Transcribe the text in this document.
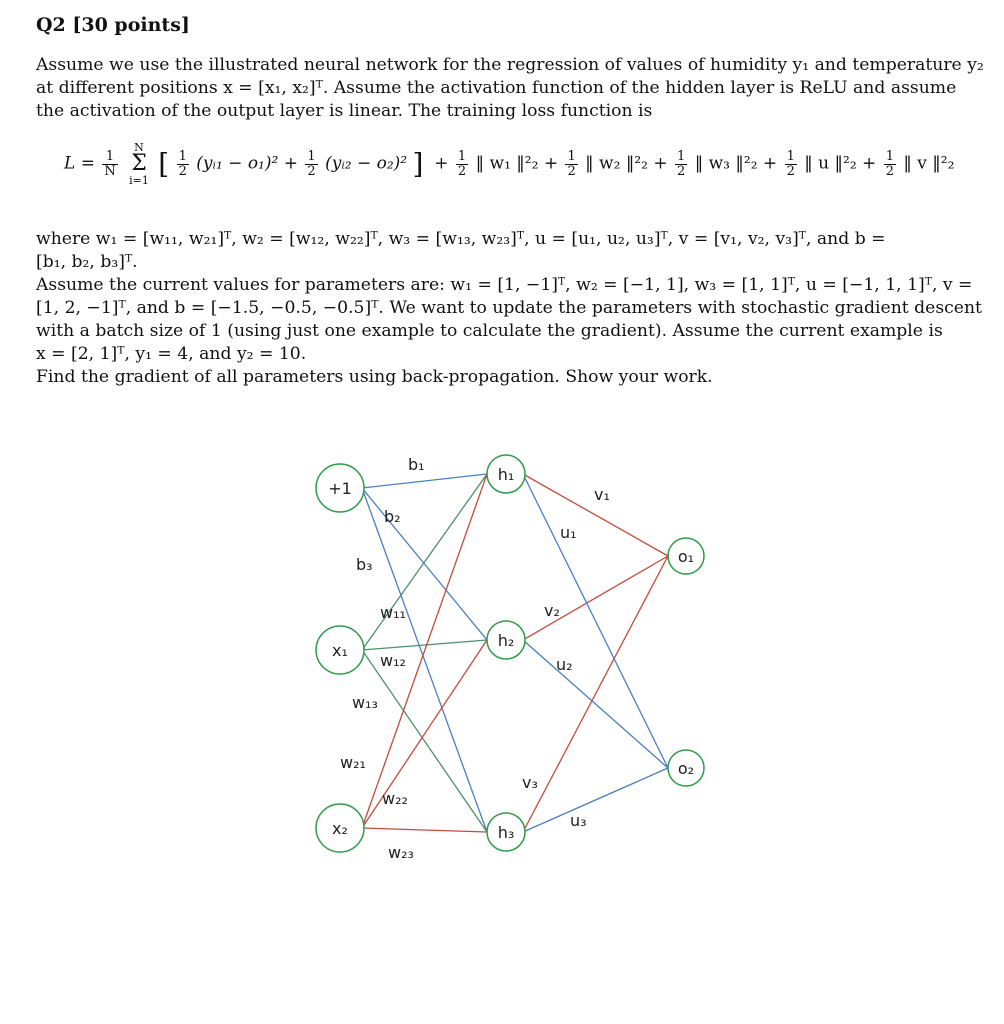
Q2 [30 points]
Assume we use the illustrated neural network for the regression of values of humidity y₁ and temperature y₂
at different positions x = [x₁, x₂]ᵀ. Assume the activation function of the hidden layer is ReLU and assume
the activation of the output layer is linear. The training loss function is
$L = \frac{1}{N}$
N
Σ
i=1 [ $\frac{1}{2}$ (yᵢ₁ − $o_1)^2 + \frac{1}{2}$ (yᵢ₂ − o₂)² ] + $\frac{1}{2}$ ‖ w₁ ‖²₂ + $\frac{1}{2}$ ‖ w₂ ‖²₂ + $\frac{1}{2}$ ‖ w₃ ‖²₂ + $\frac{1}{2}$ ‖ u ‖²₂ + $\frac{1}{2}$ ‖ v ‖²₂
where w₁ = [w₁₁, w₂₁]ᵀ, w₂ = [w₁₂, w₂₂]ᵀ, w₃ = [w₁₃, w₂₃]ᵀ, u = [u₁, u₂, u₃]ᵀ, v = [v₁, v₂, v₃]ᵀ, and b =
[b₁, b₂, b₃]ᵀ.
Assume the current values for parameters are: w₁ = [1, −1]ᵀ, w₂ = [−1, 1], w₃ = [1, 1]ᵀ, u = [−1, 1, 1]ᵀ, v =
[1, 2, −1]ᵀ, and b = [−1.5, −0.5, −0.5]ᵀ. We want to update the parameters with stochastic gradient descent
with a batch size of 1 (using just one example to calculate the gradient). Assume the current example is
x = [2, 1]ᵀ, y₁ = 4, and y₂ = 10.
Find the gradient of all parameters using back-propagation. Show your work.
+1
x₁
x₂
h₁
h₂
h₃
o₁
o₂
b₁
b₂
b₃
w₁₁
w₁₂
w₁₃
w₂₁
w₂₂
w₂₃
u₁
u₂
u₃
v₁
v₂
v₃
